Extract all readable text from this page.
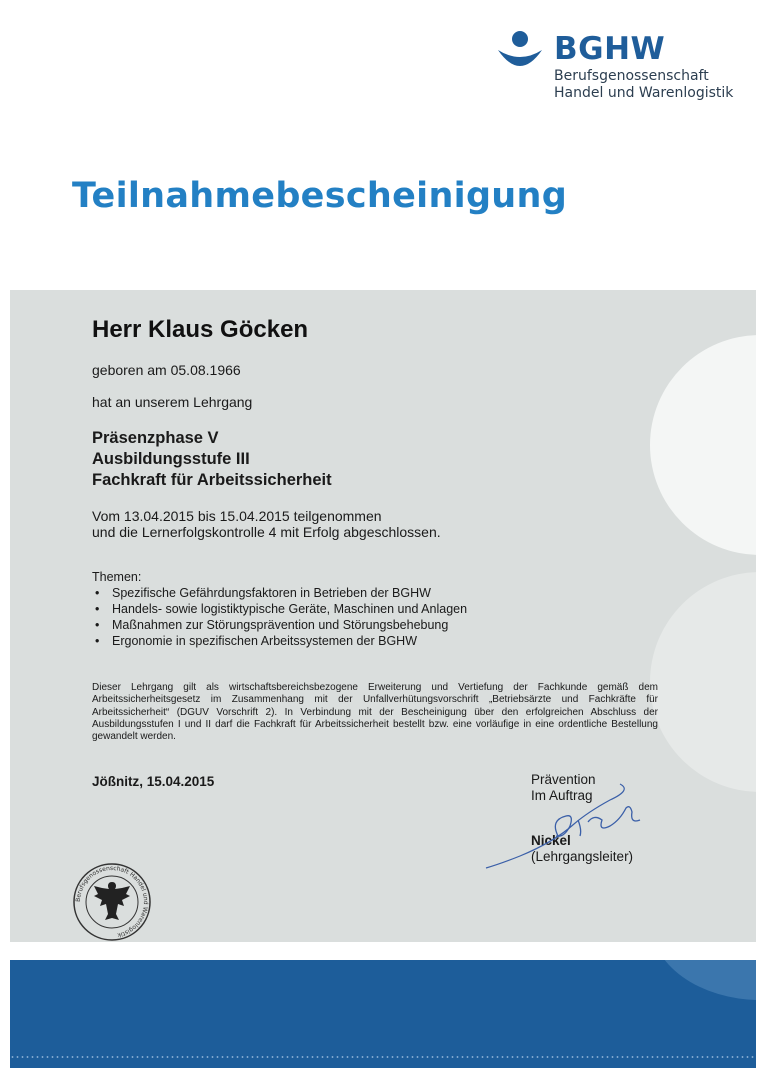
BGHW
Berufsgenossenschaft
Handel und Warenlogistik
Teilnahmebescheinigung
Herr Klaus Göcken
geboren am 05.08.1966
hat an unserem Lehrgang
Präsenzphase V
Ausbildungsstufe III
Fachkraft für Arbeitssicherheit
Vom 13.04.2015 bis 15.04.2015 teilgenommen
und die Lernerfolgskontrolle 4 mit Erfolg abgeschlossen.
Themen:
• Spezifische Gefährdungsfaktoren in Betrieben der BGHW
• Handels- sowie logistiktypische Geräte, Maschinen und Anlagen
• Maßnahmen zur Störungsprävention und Störungsbehebung
• Ergonomie in spezifischen Arbeitssystemen der BGHW
Dieser Lehrgang gilt als wirtschaftsbereichsbezogene Erweiterung und Vertiefung der Fachkunde gemäß dem Arbeitssicherheitsgesetz im Zusammenhang mit der Unfallverhütungsvorschrift „Betriebsärzte und Fachkräfte für Arbeitssicherheit“ (DGUV Vorschrift 2). In Verbindung mit der Bescheinigung über den erfolgreichen Abschluss der Ausbildungsstufen I und II darf die Fachkraft für Arbeitssicherheit bestellt bzw. eine vorläufige in eine ordentliche Bestellung gewandelt werden.
Jößnitz, 15.04.2015	Prävention
Im Auftrag
Nickel
(Lehrgangsleiter)
Berufsgenossenschaft Handel und Warenlogistik
